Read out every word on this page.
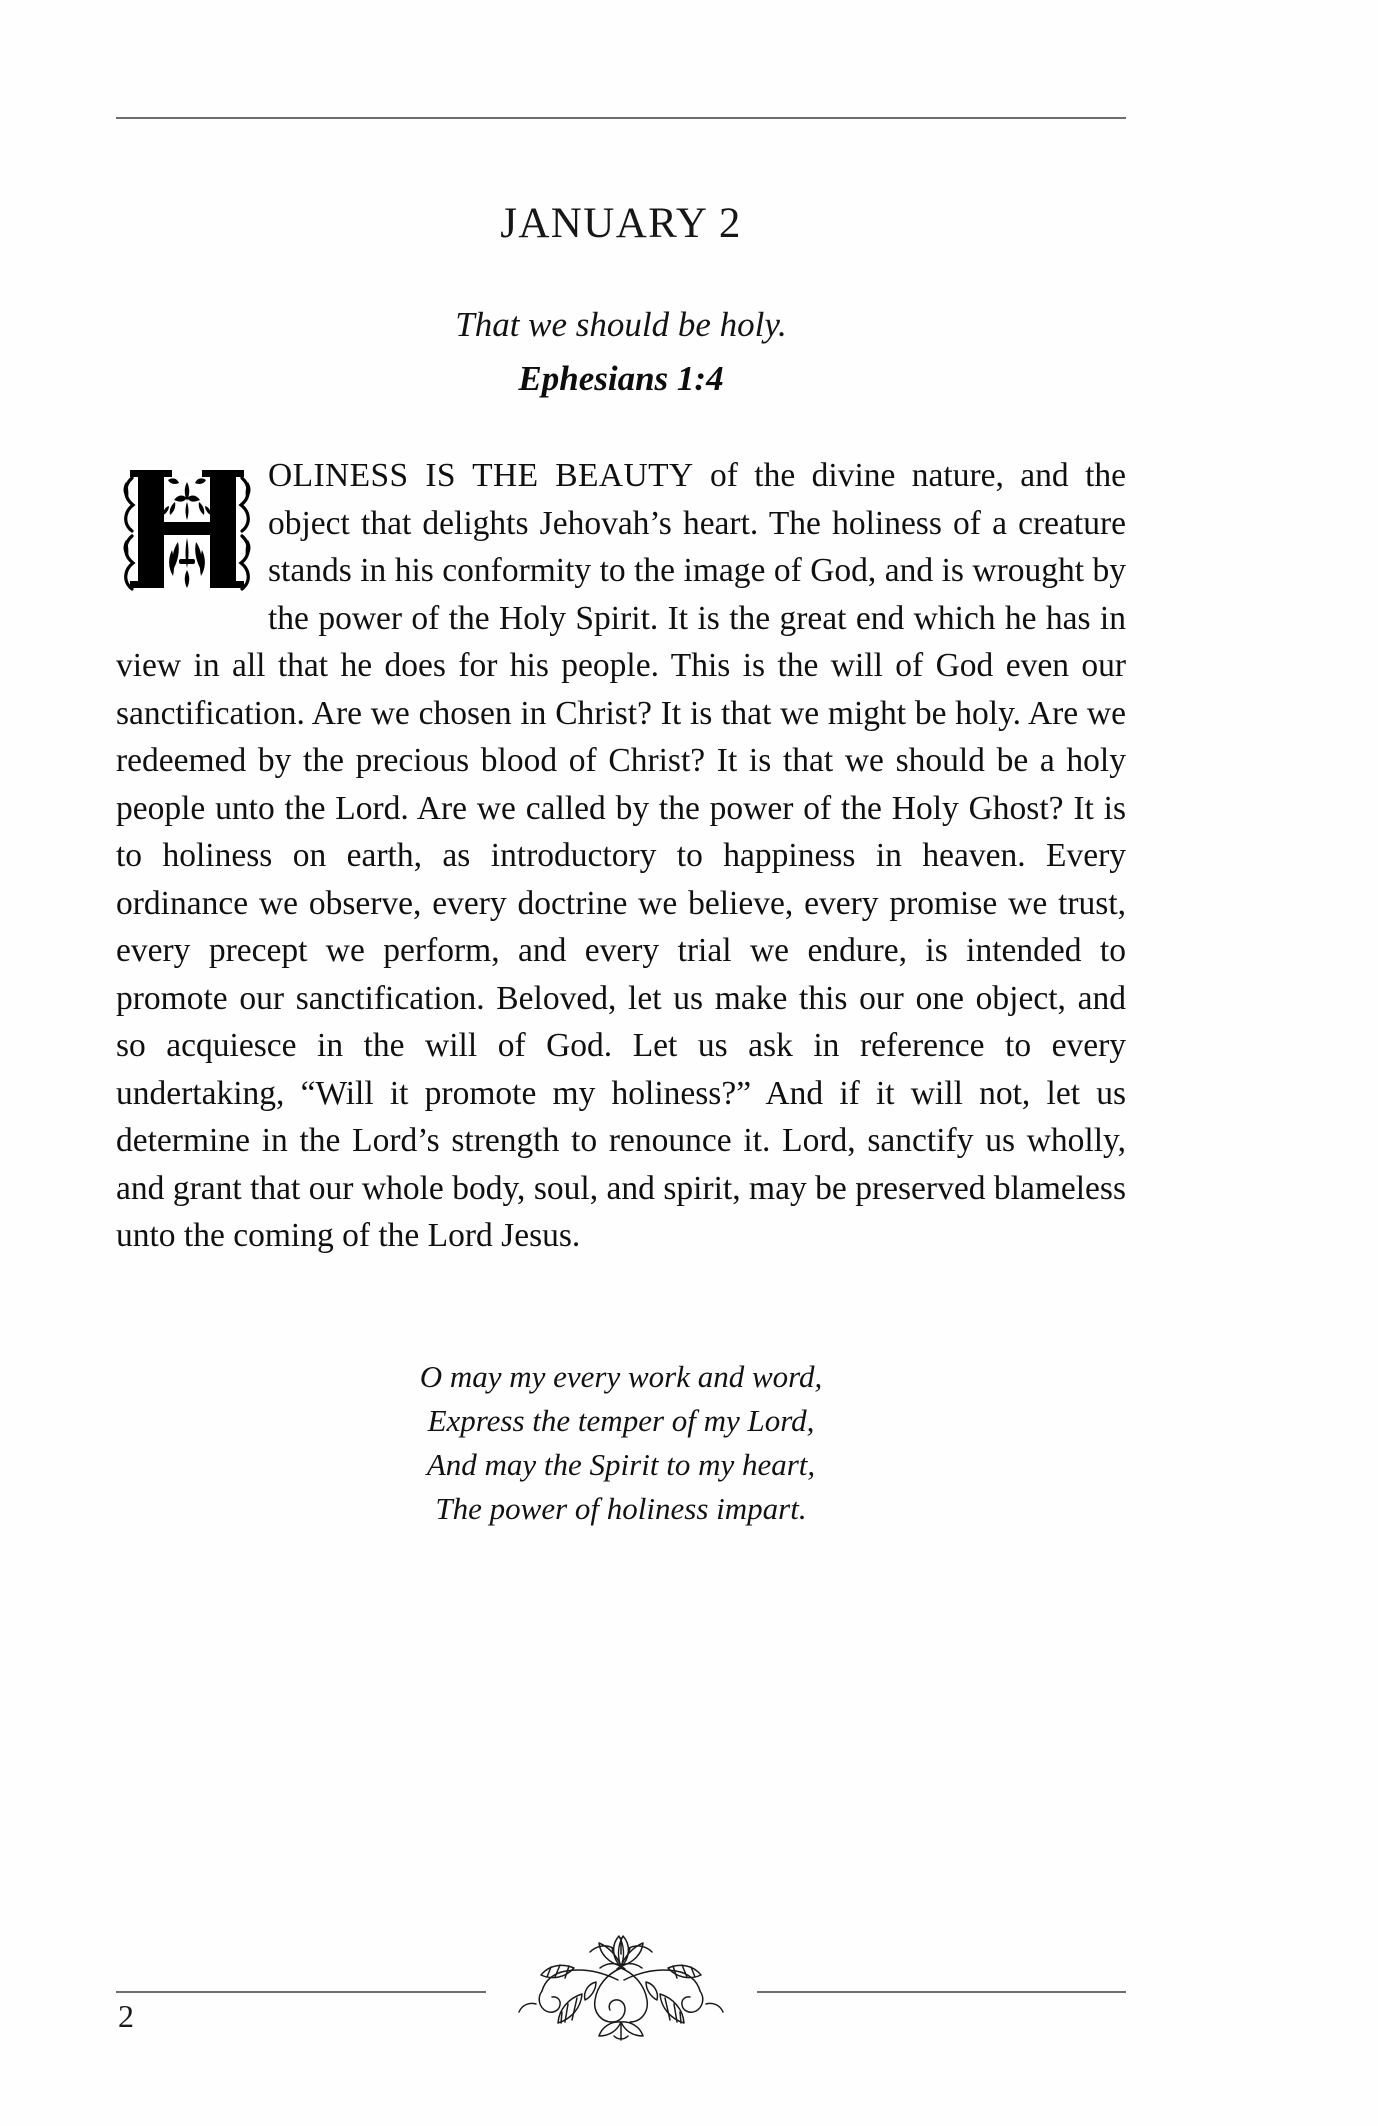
JANUARY 2
That we should be holy.
Ephesians 1:4

OLINESS IS THE BEAUTY of the divine nature, and the object that delights Jehovah’s heart. The holiness of a creature stands in his conformity to the image of God, and is wrought by the power of the Holy Spirit. It is the great end which he has in view in all that he does for his people. This is the will of God even our sanctification. Are we chosen in Christ? It is that we might be holy. Are we redeemed by the precious blood of Christ? It is that we should be a holy people unto the Lord. Are we called by the power of the Holy Ghost? It is to holiness on earth, as introductory to happiness in heaven. Every ordinance we observe, every doctrine we believe, every promise we trust, every precept we perform, and every trial we endure, is intended to promote our sanctification. Beloved, let us make this our one object, and so acquiesce in the will of God. Let us ask in reference to every undertaking, “Will it promote my holiness?” And if it will not, let us determine in the Lord’s strength to renounce it. Lord, sanctify us wholly, and grant that our whole body, soul, and spirit, may be preserved blameless unto the coming of the Lord Jesus.

O may my every work and word,
Express the temper of my Lord,
And may the Spirit to my heart,
The power of holiness impart.
2
